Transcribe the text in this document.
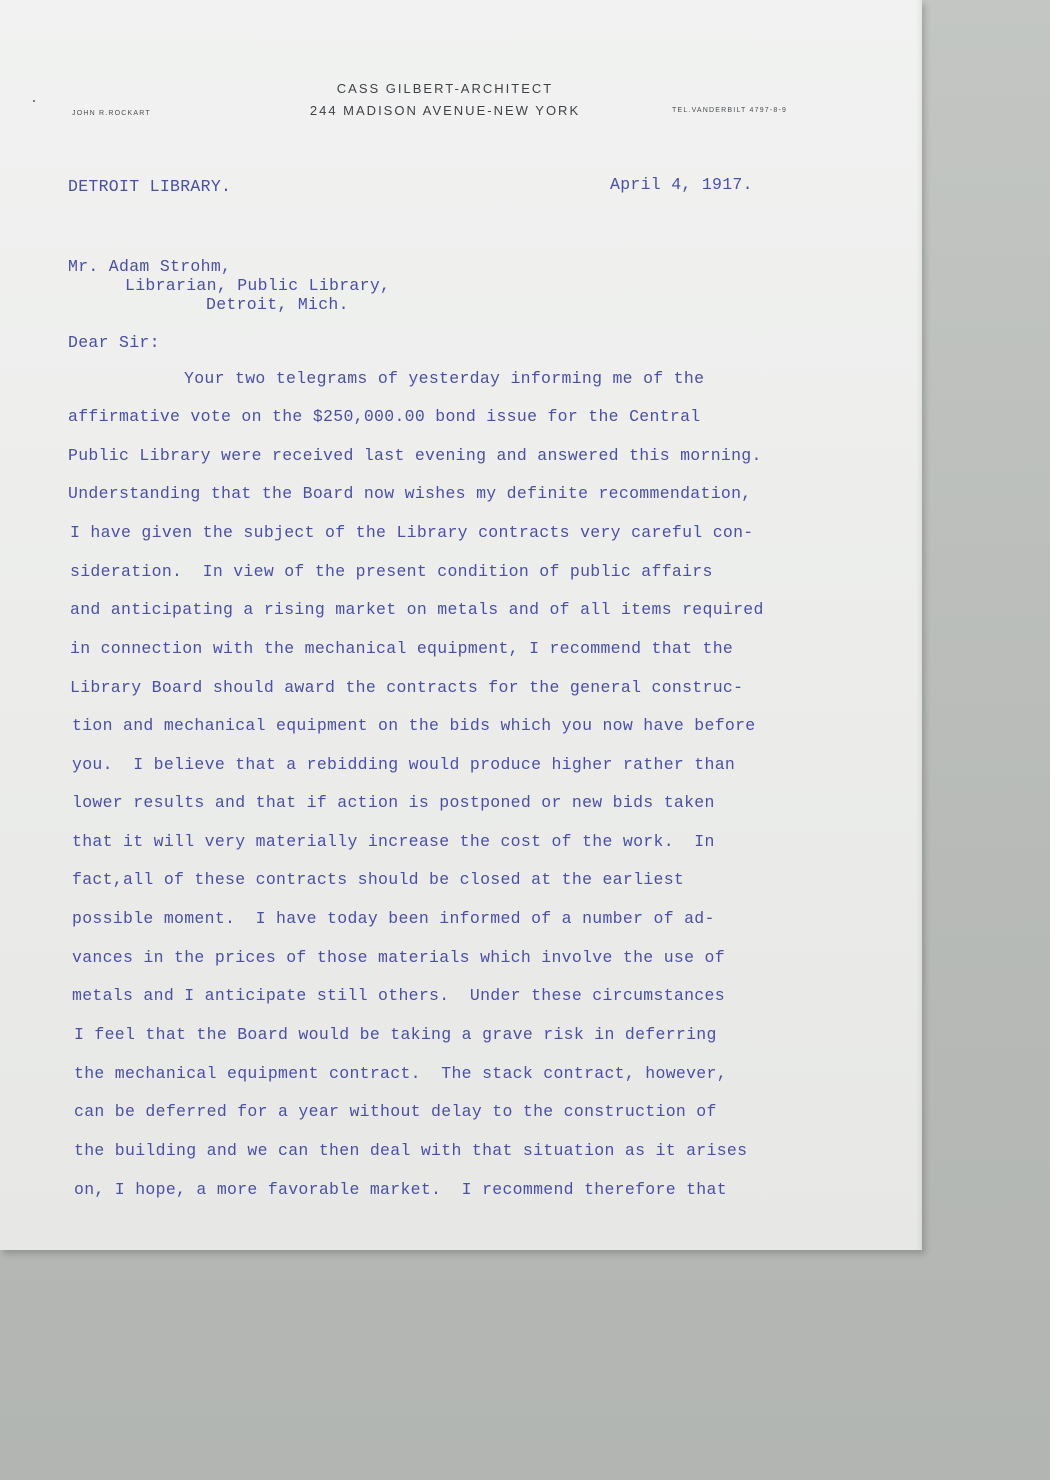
CASS GILBERT-ARCHITECT
244 MADISON AVENUE-NEW YORK
JOHN R.ROCKART	TEL.VANDERBILT 4797-8-9
DETROIT LIBRARY.	April 4, 1917.
Mr. Adam Strohm,
Librarian, Public Library,
Detroit, Mich.
Dear Sir:
Your two telegrams of yesterday informing me of the
affirmative vote on the $250,000.00 bond issue for the Central
Public Library were received last evening and answered this morning.
Understanding that the Board now wishes my definite recommendation,
I have given the subject of the Library contracts very careful con-
sideration.  In view of the present condition of public affairs
and anticipating a rising market on metals and of all items required
in connection with the mechanical equipment, I recommend that the
Library Board should award the contracts for the general construc-
tion and mechanical equipment on the bids which you now have before
you.  I believe that a rebidding would produce higher rather than
lower results and that if action is postponed or new bids taken
that it will very materially increase the cost of the work.  In
fact,all of these contracts should be closed at the earliest
possible moment.  I have today been informed of a number of ad-
vances in the prices of those materials which involve the use of
metals and I anticipate still others.  Under these circumstances
I feel that the Board would be taking a grave risk in deferring
the mechanical equipment contract.  The stack contract, however,
can be deferred for a year without delay to the construction of
the building and we can then deal with that situation as it arises
on, I hope, a more favorable market.  I recommend therefore that
